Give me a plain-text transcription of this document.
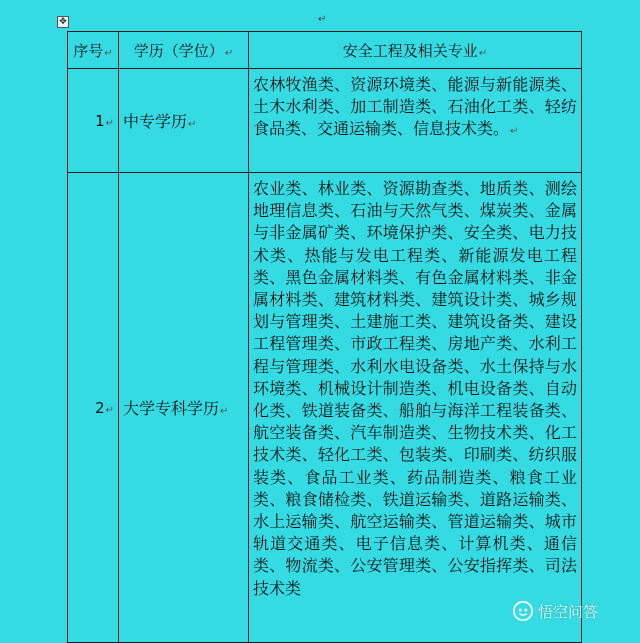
✥	↵
序号↵	学历（学位）↵	安全工程及相关专业↵
1↵	中专学历↵	农林牧渔类、资源环境类、能源与新能源类、土木水利类、加工制造类、石油化工类、轻纺食品类、交通运输类、信息技术类。↵
2↵	大学专科学历↵	农业类、林业类、资源勘查类、地质类、测绘地理信息类、石油与天然气类、煤炭类、金属与非金属矿类、环境保护类、安全类、电力技术类、热能与发电工程类、新能源发电工程类、黑色金属材料类、有色金属材料类、非金属材料类、建筑材料类、建筑设计类、城乡规划与管理类、土建施工类、建筑设备类、建设工程管理类、市政工程类、房地产类、水利工程与管理类、水利水电设备类、水土保持与水环境类、机械设计制造类、机电设备类、自动化类、铁道装备类、船舶与海洋工程装备类、航空装备类、汽车制造类、生物技术类、化工技术类、轻化工类、包装类、印刷类、纺织服装类、食品工业类、药品制造类、粮食工业类、粮食储检类、铁道运输类、道路运输类、水上运输类、航空运输类、管道运输类、城市轨道交通类、电子信息类、计算机类、通信类、物流类、公安管理类、公安指挥类、司法技术类
悟空问答
